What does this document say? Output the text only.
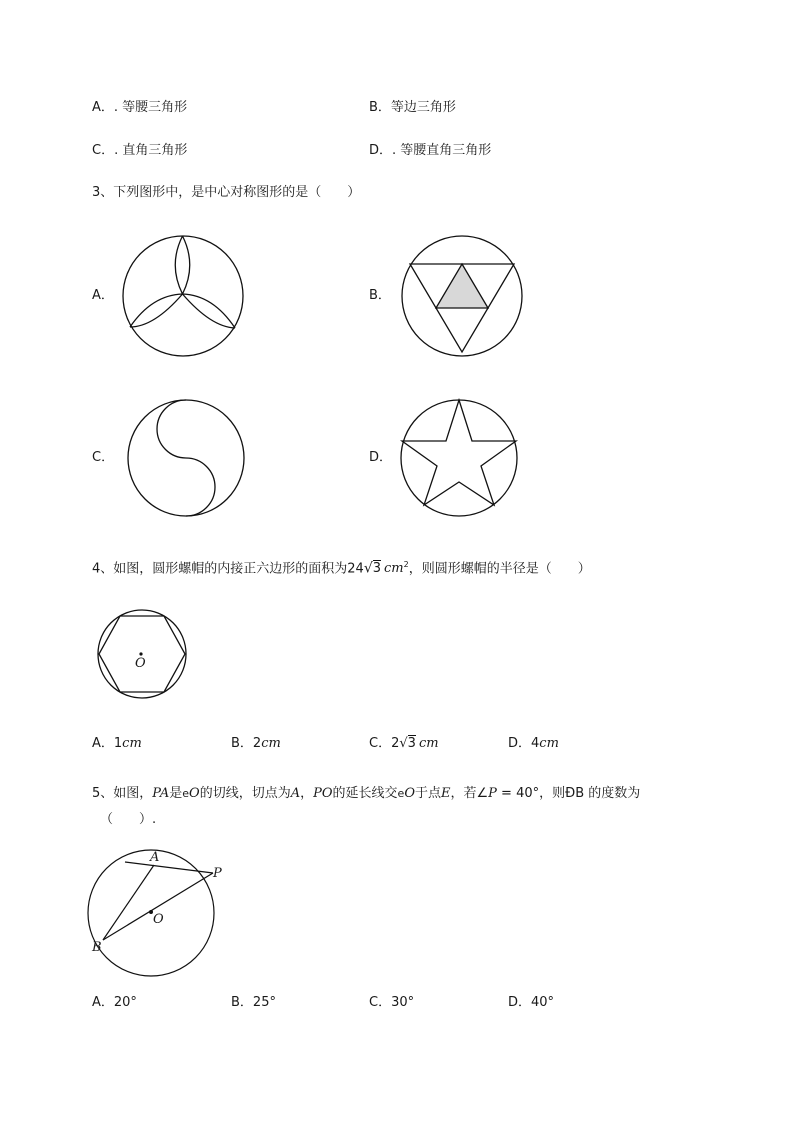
A．. 等腰三角形	B．等边三角形
C．. 直角三角形	D．. 等腰直角三角形
3、下列图形中，是中心对称图形的是（　　）
A．	B．
C．	D．
4、如图，圆形螺帽的内接正六边形的面积为24√3 $cm^2$，则圆形螺帽的半径是（　　）
O
A．1cm	B．2cm	C．2√3 cm	D．4cm
5、如图，PA是eO的切线，切点为A，PO的延长线交eO于点E，若∠P = 40°，则ÐB 的度数为
（　　）.
A
P
O
B
A．20°	B．25°	C．30°	D．40°
